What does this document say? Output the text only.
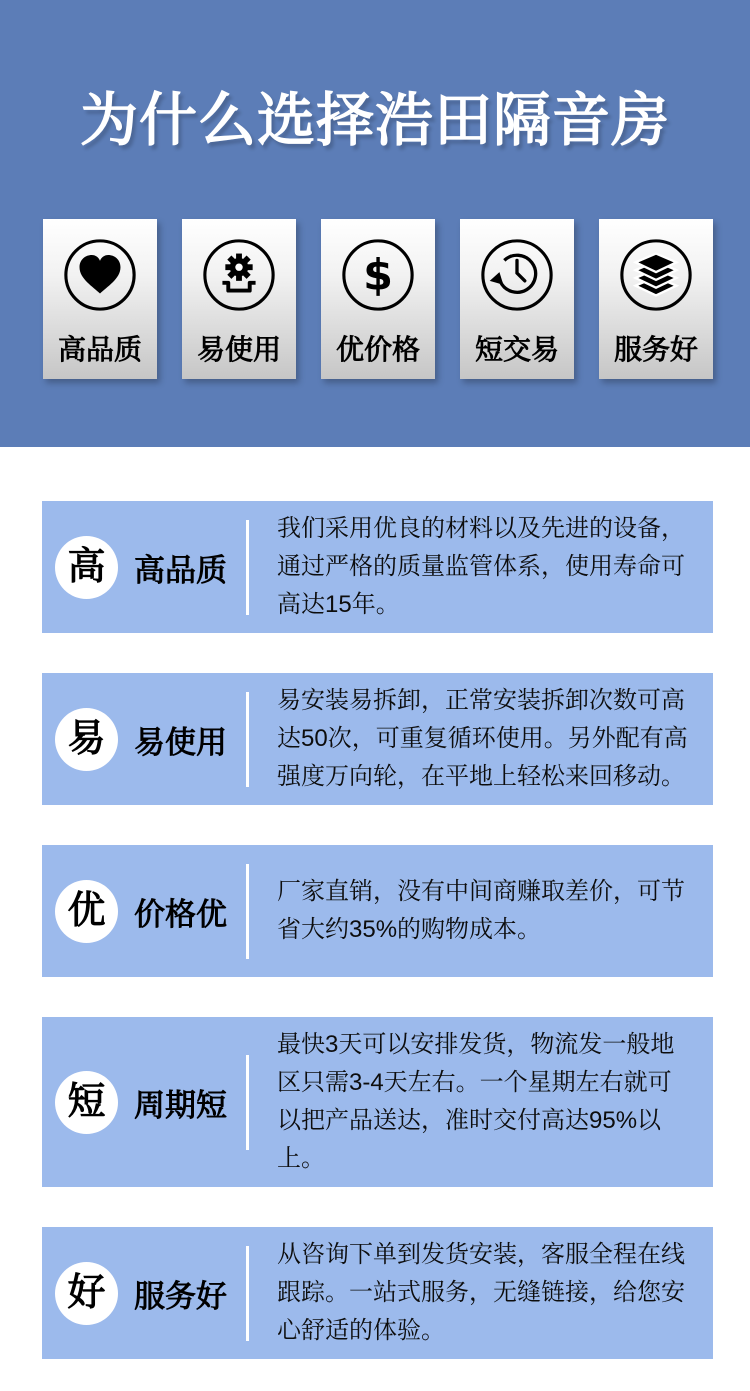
为什么选择浩田隔音房
高品质 易使用
$
优价格 短交易 服务好
高 高品质

我们采用优良的材料以及先进的设备，通过严格的质量监管体系，使用寿命可高达15年。

易 易使用

易安装易拆卸，正常安装拆卸次数可高达50次，可重复循环使用。另外配有高强度万向轮，在平地上轻松来回移动。

优 价格优

厂家直销，没有中间商赚取差价，可节省大约35%的购物成本。

短 周期短

最快3天可以安排发货，物流发一般地区只需3-4天左右。一个星期左右就可以把产品送达，准时交付高达95%以上。

好 服务好

从咨询下单到发货安装，客服全程在线跟踪。一站式服务，无缝链接，给您安心舒适的体验。
